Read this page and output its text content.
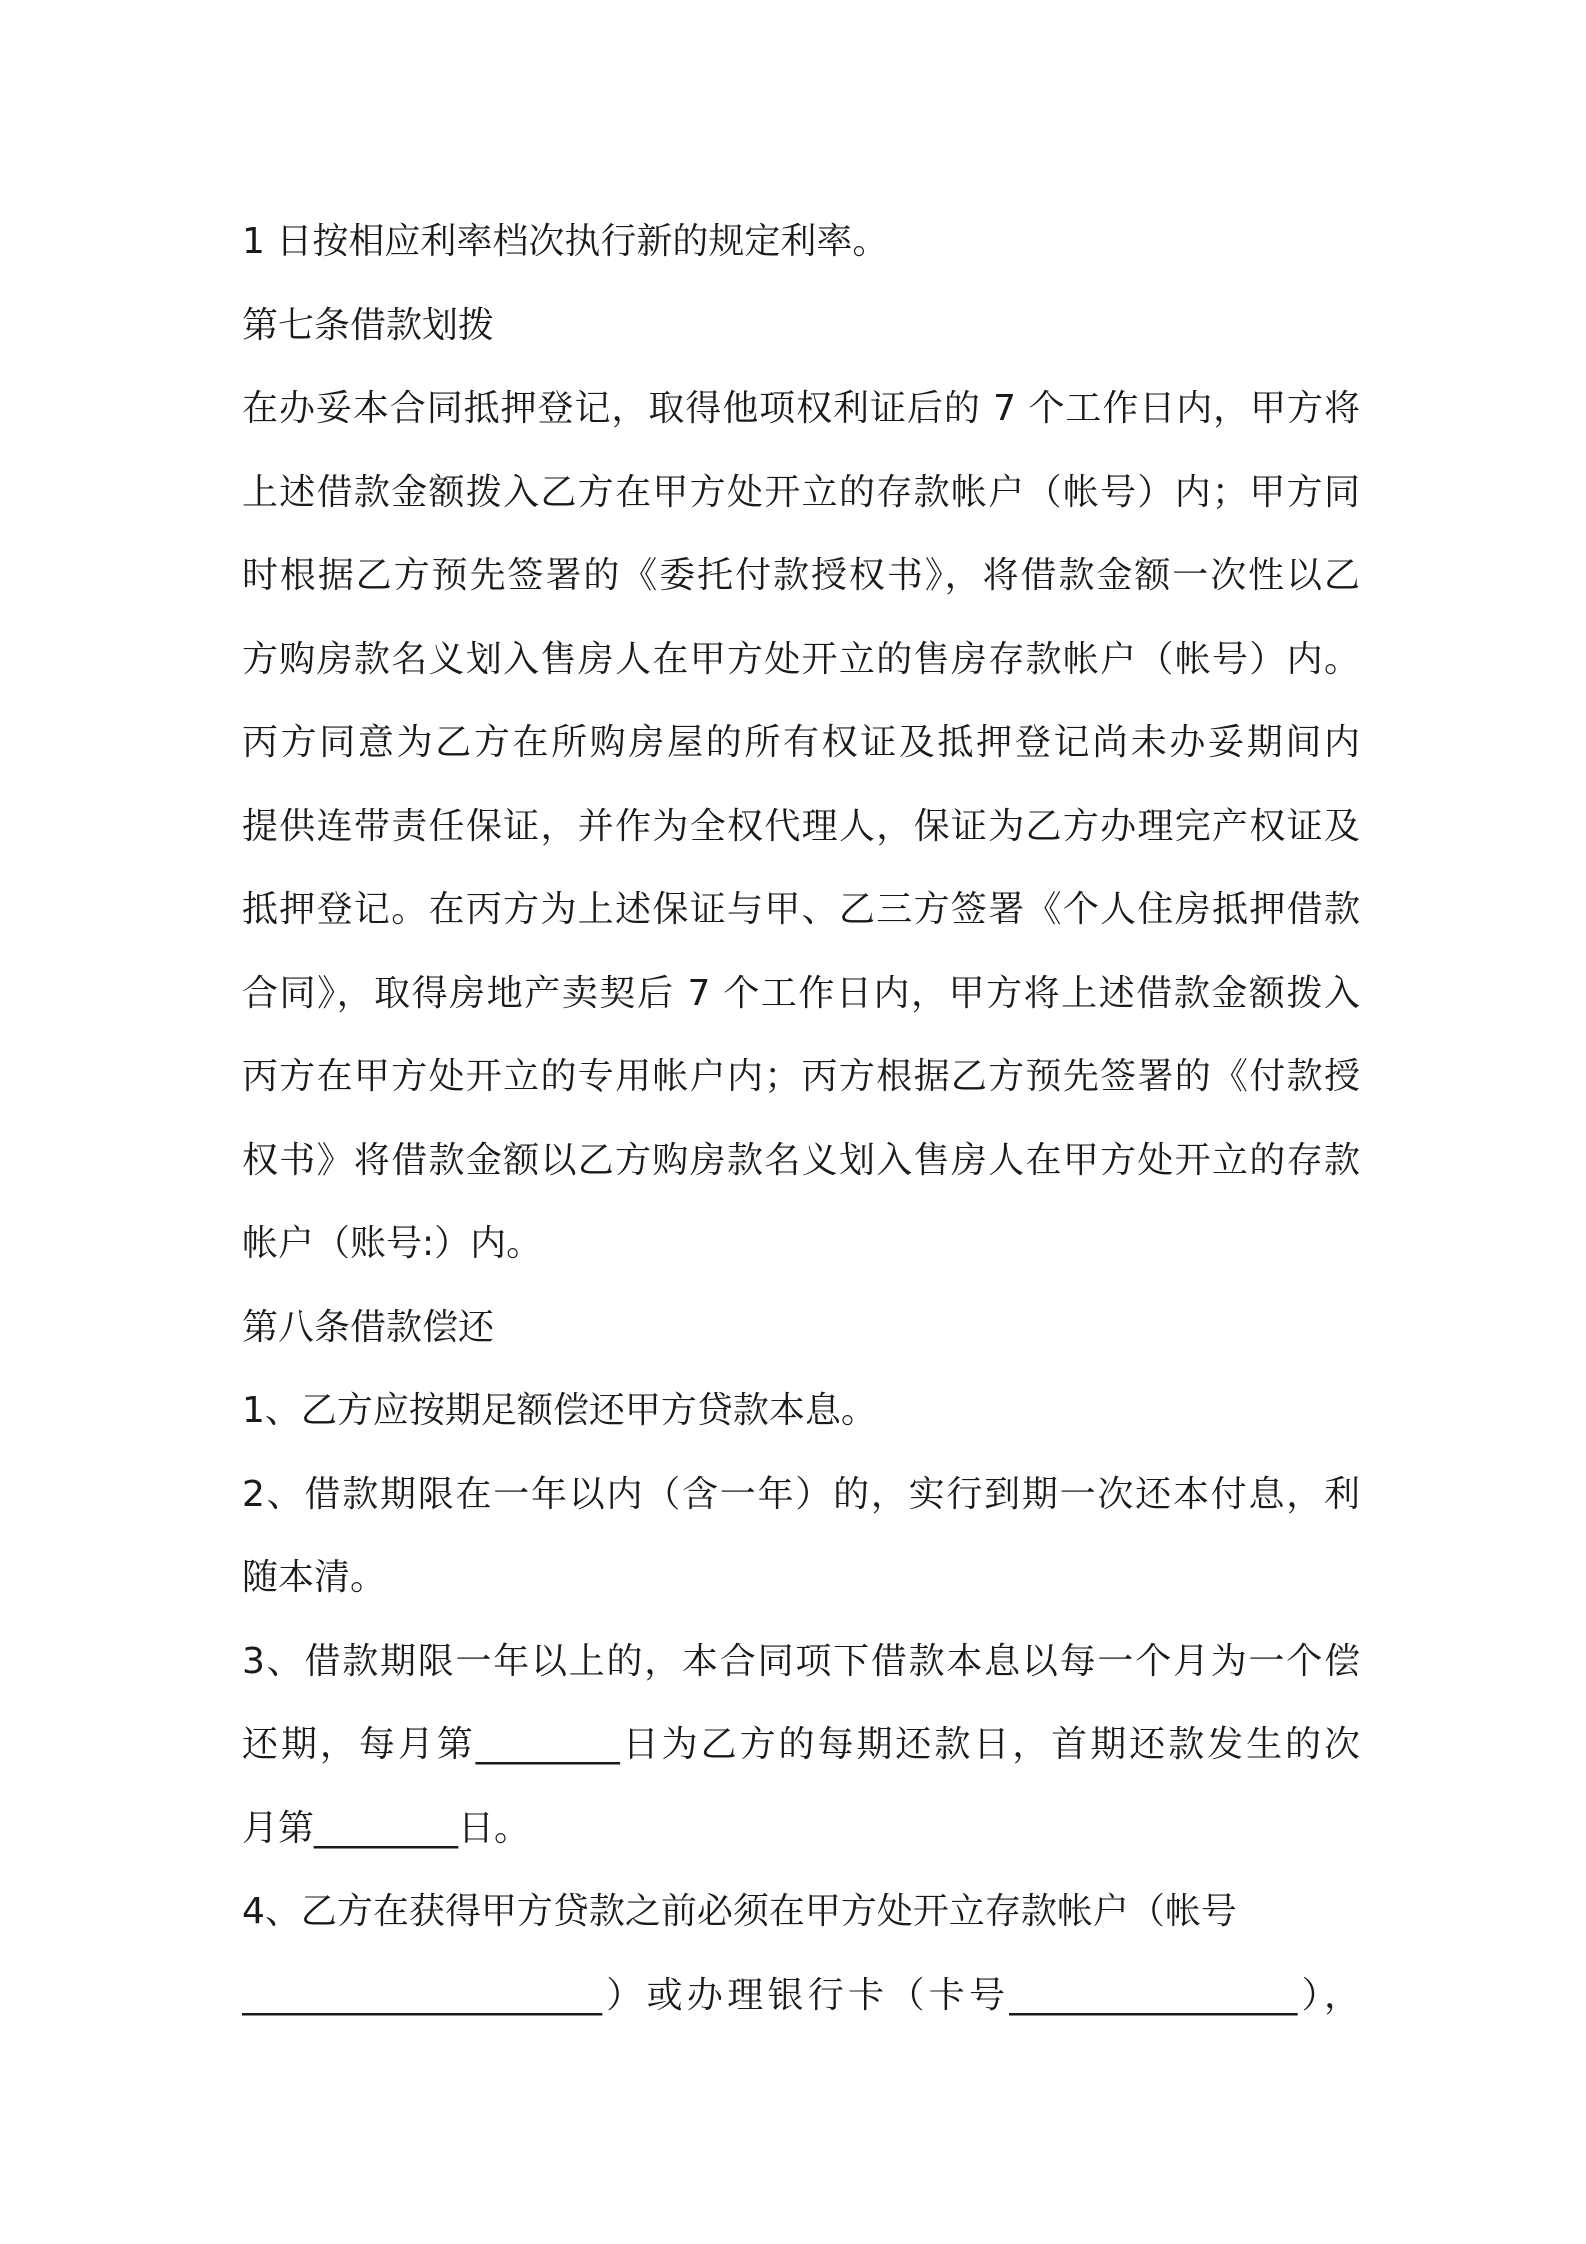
1 日按相应利率档次执行新的规定利率。

第七条借款划拨

在办妥本合同抵押登记，取得他项权利证后的 7 个工作日内，甲方将

上述借款金额拨入乙方在甲方处开立的存款帐户（帐号）内；甲方同

时根据乙方预先签署的《委托付款授权书》，将借款金额一次性以乙

方购房款名义划入售房人在甲方处开立的售房存款帐户（帐号）内。

丙方同意为乙方在所购房屋的所有权证及抵押登记尚未办妥期间内

提供连带责任保证，并作为全权代理人，保证为乙方办理完产权证及

抵押登记。在丙方为上述保证与甲、乙三方签署《个人住房抵押借款

合同》，取得房地产卖契后 7 个工作日内，甲方将上述借款金额拨入

丙方在甲方处开立的专用帐户内；丙方根据乙方预先签署的《付款授

权书》将借款金额以乙方购房款名义划入售房人在甲方处开立的存款

帐户（账号:）内。

第八条借款偿还

1、乙方应按期足额偿还甲方贷款本息。

2、借款期限在一年以内（含一年）的，实行到期一次还本付息，利

随本清。

3、借款期限一年以上的，本合同项下借款本息以每一个月为一个偿

还期，每月第________日为乙方的每期还款日，首期还款发生的次

月第________日。

4、乙方在获得甲方贷款之前必须在甲方处开立存款帐户（帐号

____________________）或办理银行卡（卡号________________），
